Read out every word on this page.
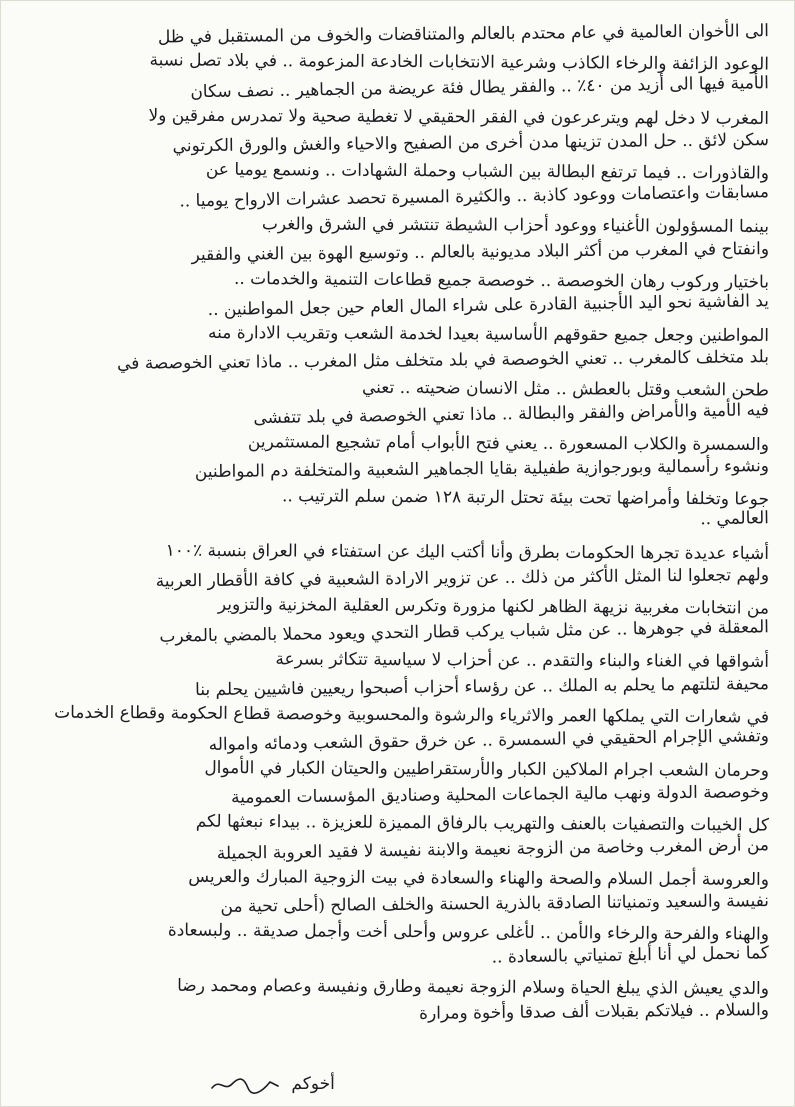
الى الأخوان العالمية في عام محتدم بالعالم والمتناقضات والخوف من المستقبل في ظل
الوعود الزائفة والرخاء الكاذب وشرعية الانتخابات الخادعة المزعومة .. في بلاد تصل نسبة
الأمية فيها الى أزيد من ٤٠٪ .. والفقر يطال فئة عريضة من الجماهير .. نصف سكان
المغرب لا دخل لهم ويترعرعون في الفقر الحقيقي لا تغطية صحية ولا تمدرس مفرقين ولا
سكن لائق .. حل المدن تزينها مدن أخرى من الصفيح والاحياء والغش والورق الكرتوني
والقاذورات .. فيما ترتفع البطالة بين الشباب وحملة الشهادات .. ونسمع يوميا عن
مسابقات واعتصامات ووعود كاذبة .. والكثيرة المسيرة تحصد عشرات الارواح يوميا ..
بينما المسؤولون الأغنياء ووعود أحزاب الشيطة تنتشر في الشرق والغرب
وانفتاح في المغرب من أكثر البلاد مديونية بالعالم .. وتوسيع الهوة بين الغني والفقير
باختيار وركوب رهان الخوصصة .. خوصصة جميع قطاعات التنمية والخدمات ..
يد الفاشية نحو اليد الأجنبية القادرة على شراء المال العام حين جعل المواطنين ..
المواطنين وجعل جميع حقوقهم الأساسية بعيدا لخدمة الشعب وتقريب الادارة منه
بلد متخلف كالمغرب .. تعني الخوصصة في بلد متخلف مثل المغرب .. ماذا تعني الخوصصة في
طحن الشعب وقتل بالعطش .. مثل الانسان ضحيته .. تعني
فيه الأمية والأمراض والفقر والبطالة .. ماذا تعني الخوصصة في بلد تتفشى
والسمسرة والكلاب المسعورة .. يعني فتح الأبواب أمام تشجيع المستثمرين
ونشوء رأسمالية وبورجوازية طفيلية بقايا الجماهير الشعبية والمتخلفة دم المواطنين
جوعا وتخلفا وأمراضها تحت بيئة تحتل الرتبة ١٢٨ ضمن سلم الترتيب ..
العالمي ..
أشياء عديدة تجرها الحكومات بطرق وأنا أكتب اليك عن استفتاء في العراق بنسبة ٪١٠٠
ولهم تجعلوا لنا المثل الأكثر من ذلك .. عن تزوير الارادة الشعبية في كافة الأقطار العربية
من انتخابات مغربية نزيهة الظاهر لكنها مزورة وتكرس العقلية المخزنية والتزوير
المعقلة في جوهرها .. عن مثل شباب يركب قطار التحدي ويعود محملا بالمضي بالمغرب
أشواقها في الغناء والبناء والتقدم .. عن أحزاب لا سياسية تتكاثر بسرعة
محيفة لتلتهم ما يحلم به الملك .. عن رؤساء أحزاب أصبحوا ريعيين فاشيين يحلم بنا
في شعارات التي يملكها العمر والاثرياء والرشوة والمحسوبية وخوصصة قطاع الحكومة وقطاع الخدمات
وتفشي الإجرام الحقيقي في السمسرة .. عن خرق حقوق الشعب ودمائه وامواله
وحرمان الشعب اجرام الملاكين الكبار والأرستقراطيين والحيتان الكبار في الأموال
وخوصصة الدولة ونهب مالية الجماعات المحلية وصناديق المؤسسات العمومية
كل الخيبات والتصفيات بالعنف والتهريب بالرفاق المميزة للعزيزة .. بيداء نبعثها لكم
من أرض المغرب وخاصة من الزوجة نعيمة والابنة نفيسة لا فقيد العروبة الجميلة
والعروسة أجمل السلام والصحة والهناء والسعادة في بيت الزوجية المبارك والعريس
نفيسة والسعيد وتمنياتنا الصادقة بالذرية الحسنة والخلف الصالح (أحلى تحية من
والهناء والفرحة والرخاء والأمن .. لأغلى عروس وأحلى أخت وأجمل صديقة .. ولبسعادة
كما نحمل لي أنا أبلغ تمنياتي بالسعادة ..
والدي يعيش الذي يبلغ الحياة وسلام الزوجة نعيمة وطارق ونفيسة وعصام ومحمد رضا
والسلام .. فيلاتكم بقبلات ألف صدقا وأخوة ومرارة
أخوكم
